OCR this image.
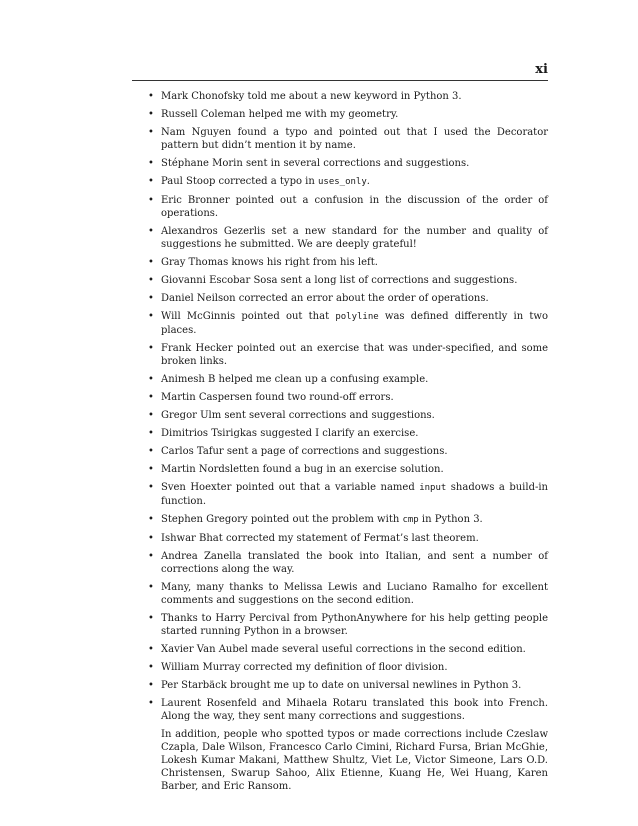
xi
• Mark Chonofsky told me about a new keyword in Python 3.
• Russell Coleman helped me with my geometry.
• Nam Nguyen found a typo and pointed out that I used the Decorator pattern but didn’t mention it by name.
• Stéphane Morin sent in several corrections and suggestions.
• Paul Stoop corrected a typo in uses_only.
• Eric Bronner pointed out a confusion in the discussion of the order of operations.
• Alexandros Gezerlis set a new standard for the number and quality of suggestions he submitted. We are deeply grateful!
• Gray Thomas knows his right from his left.
• Giovanni Escobar Sosa sent a long list of corrections and suggestions.
• Daniel Neilson corrected an error about the order of operations.
• Will McGinnis pointed out that polyline was defined differently in two places.
• Frank Hecker pointed out an exercise that was under-specified, and some broken links.
• Animesh B helped me clean up a confusing example.
• Martin Caspersen found two round-off errors.
• Gregor Ulm sent several corrections and suggestions.
• Dimitrios Tsirigkas suggested I clarify an exercise.
• Carlos Tafur sent a page of corrections and suggestions.
• Martin Nordsletten found a bug in an exercise solution.
• Sven Hoexter pointed out that a variable named input shadows a build-in function.
• Stephen Gregory pointed out the problem with cmp in Python 3.
• Ishwar Bhat corrected my statement of Fermat’s last theorem.
• Andrea Zanella translated the book into Italian, and sent a number of corrections along the way.
• Many, many thanks to Melissa Lewis and Luciano Ramalho for excellent comments and suggestions on the second edition.
• Thanks to Harry Percival from PythonAnywhere for his help getting people started running Python in a browser.
• Xavier Van Aubel made several useful corrections in the second edition.
• William Murray corrected my definition of floor division.
• Per Starbäck brought me up to date on universal newlines in Python 3.
• Laurent Rosenfeld and Mihaela Rotaru translated this book into French. Along the way, they sent many corrections and suggestions.

In addition, people who spotted typos or made corrections include Czeslaw Czapla, Dale Wilson, Francesco Carlo Cimini, Richard Fursa, Brian McGhie, Lokesh Kumar Makani, Matthew Shultz, Viet Le, Victor Simeone, Lars O.D. Christensen, Swarup Sahoo, Alix Etienne, Kuang He, Wei Huang, Karen Barber, and Eric Ransom.
